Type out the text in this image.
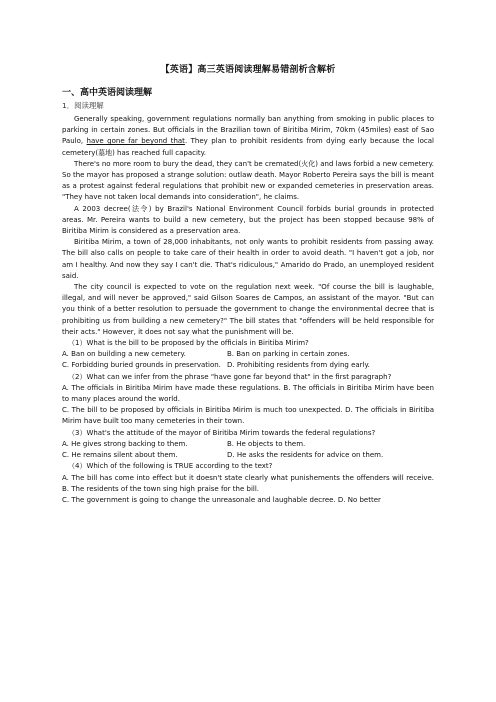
【英语】高三英语阅读理解易错剖析含解析
一、高中英语阅读理解
1．阅读理解

Generally speaking, government regulations normally ban anything from smoking in public places to parking in certain zones. But officials in the Brazilian town of Biritiba Mirim, 70km (45miles) east of Sao Paulo, have gone far beyond that. They plan to prohibit residents from dying early because the local cemetery(墓地) has reached full capacity.

There's no more room to bury the dead, they can't be cremated(火化) and laws forbid a new cemetery. So the mayor has proposed a strange solution: outlaw death. Mayor Roberto Pereira says the bill is meant as a protest against federal regulations that prohibit new or expanded cemeteries in preservation areas. "They have not taken local demands into consideration", he claims.

A 2003 decree(法令) by Brazil's National Environment Council forbids burial grounds in protected areas. Mr. Pereira wants to build a new cemetery, but the project has been stopped because 98% of Biritiba Mirim is considered as a preservation area.

Biritiba Mirim, a town of 28,000 inhabitants, not only wants to prohibit residents from passing away. The bill also calls on people to take care of their health in order to avoid death. "I haven't got a job, nor am I healthy. And now they say I can't die. That's ridiculous," Amarido do Prado, an unemployed resident said.

The city council is expected to vote on the regulation next week. "Of course the bill is laughable, illegal, and will never be approved," said Gilson Soares de Campos, an assistant of the mayor. "But can you think of a better resolution to persuade the government to change the environmental decree that is prohibiting us from building a new cemetery?" The bill states that "offenders will be held responsible for their acts." However, it does not say what the punishment will be.

（1）What is the bill to be proposed by the officials in Biritiba Mirim?

A. Ban on building a new cemetery.	B. Ban on parking in certain zones.
C. Forbidding buried grounds in preservation. D. Prohibiting residents from dying early.

（2）What can we infer from the phrase "have gone far beyond that" in the first paragraph?

A. The officials in Biritiba Mirim have made these regulations. B. The officials in Biritiba Mirim have been to many places around the world.

C. The bill to be proposed by officials in Biritiba Mirim is much too unexpected. D. The officials in Biritiba Mirim have built too many cemeteries in their town.

（3）What's the attitude of the mayor of Biritiba Mirim towards the federal regulations?

A. He gives strong backing to them.	B. He objects to them.
C. He remains silent about them.	D. He asks the residents for advice on them.

（4）Which of the following is TRUE according to the text?

A. The bill has come into effect but it doesn't state clearly what punishements the offenders will receive. B. The residents of the town sing high praise for the bill.

C. The government is going to change the unreasonale and laughable decree. D. No better
